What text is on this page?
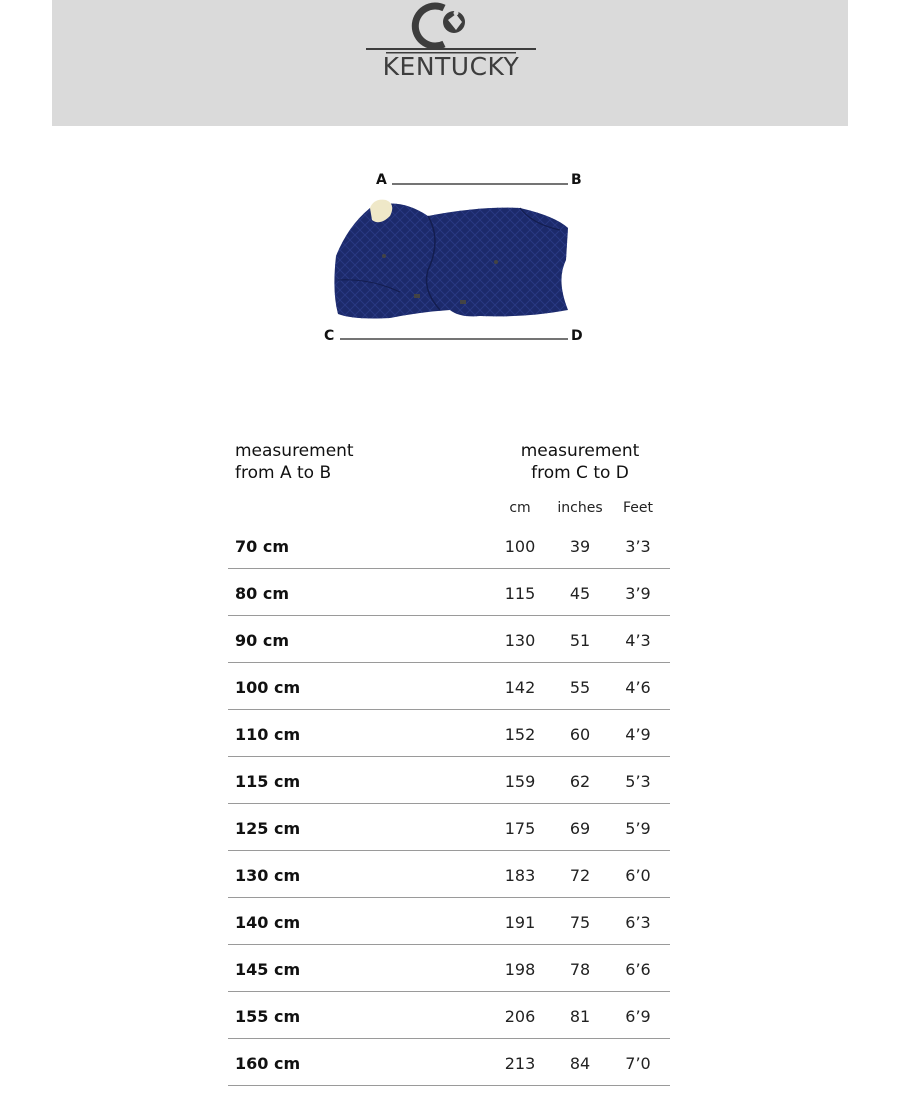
KENTUCKY
A	B
C	D
measurement
from A to B
measurement
from C to D
cm	inches	Feet
70 cm	100	39	3’3
80 cm	115	45	3’9
90 cm	130	51	4’3
100 cm	142	55	4’6
110 cm	152	60	4’9
115 cm	159	62	5’3
125 cm	175	69	5’9
130 cm	183	72	6’0
140 cm	191	75	6’3
145 cm	198	78	6’6
155 cm	206	81	6’9
160 cm	213	84	7’0
